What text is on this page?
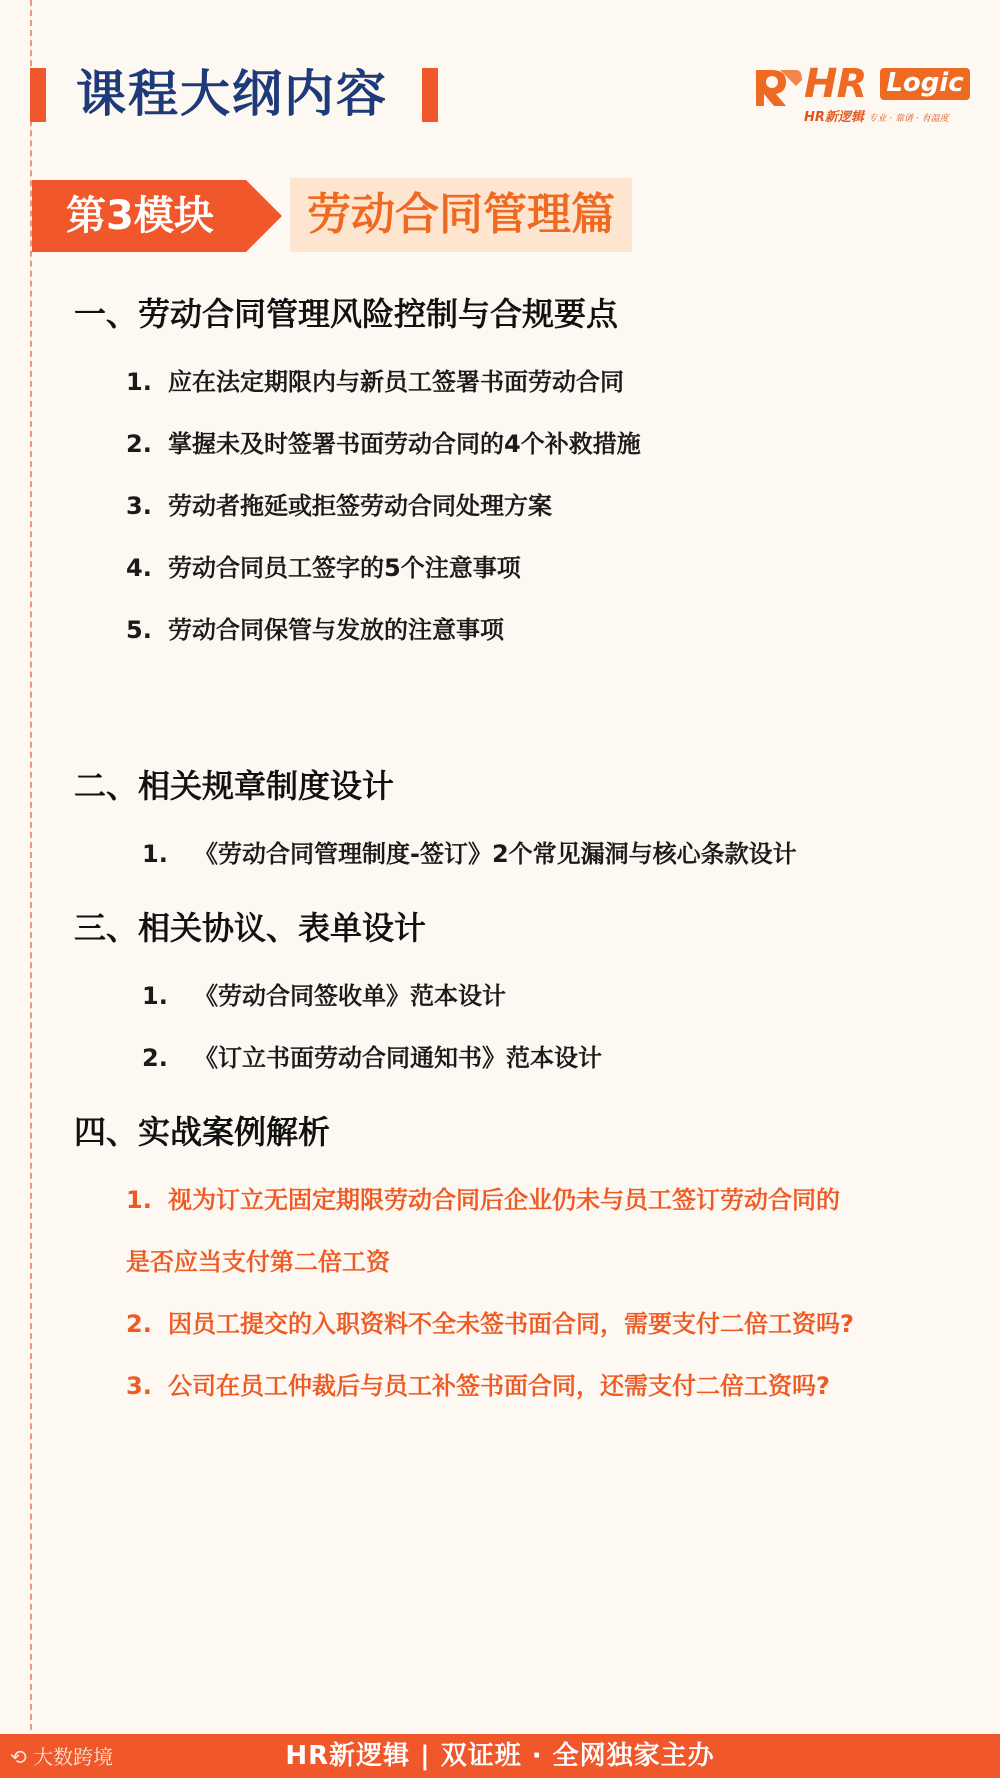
课程大纲内容	HR Logic
HR新逻辑 专业 · 靠谱 · 有温度
第3模块	劳动合同管理篇
一、劳动合同管理风险控制与合规要点
1. 应在法定期限内与新员工签署书面劳动合同
2. 掌握未及时签署书面劳动合同的4个补救措施
3. 劳动者拖延或拒签劳动合同处理方案
4. 劳动合同员工签字的5个注意事项
5. 劳动合同保管与发放的注意事项
二、相关规章制度设计
1. 《劳动合同管理制度-签订》2个常见漏洞与核心条款设计
三、相关协议、表单设计
1. 《劳动合同签收单》范本设计
2. 《订立书面劳动合同通知书》范本设计
四、实战案例解析
1. 视为订立无固定期限劳动合同后企业仍未与员工签订劳动合同的
是否应当支付第二倍工资
2. 因员工提交的入职资料不全未签书面合同，需要支付二倍工资吗?
3. 公司在员工仲裁后与员工补签书面合同，还需支付二倍工资吗?
HR新逻辑 | 双证班 · 全网独家主办
⟲ 大数跨境
